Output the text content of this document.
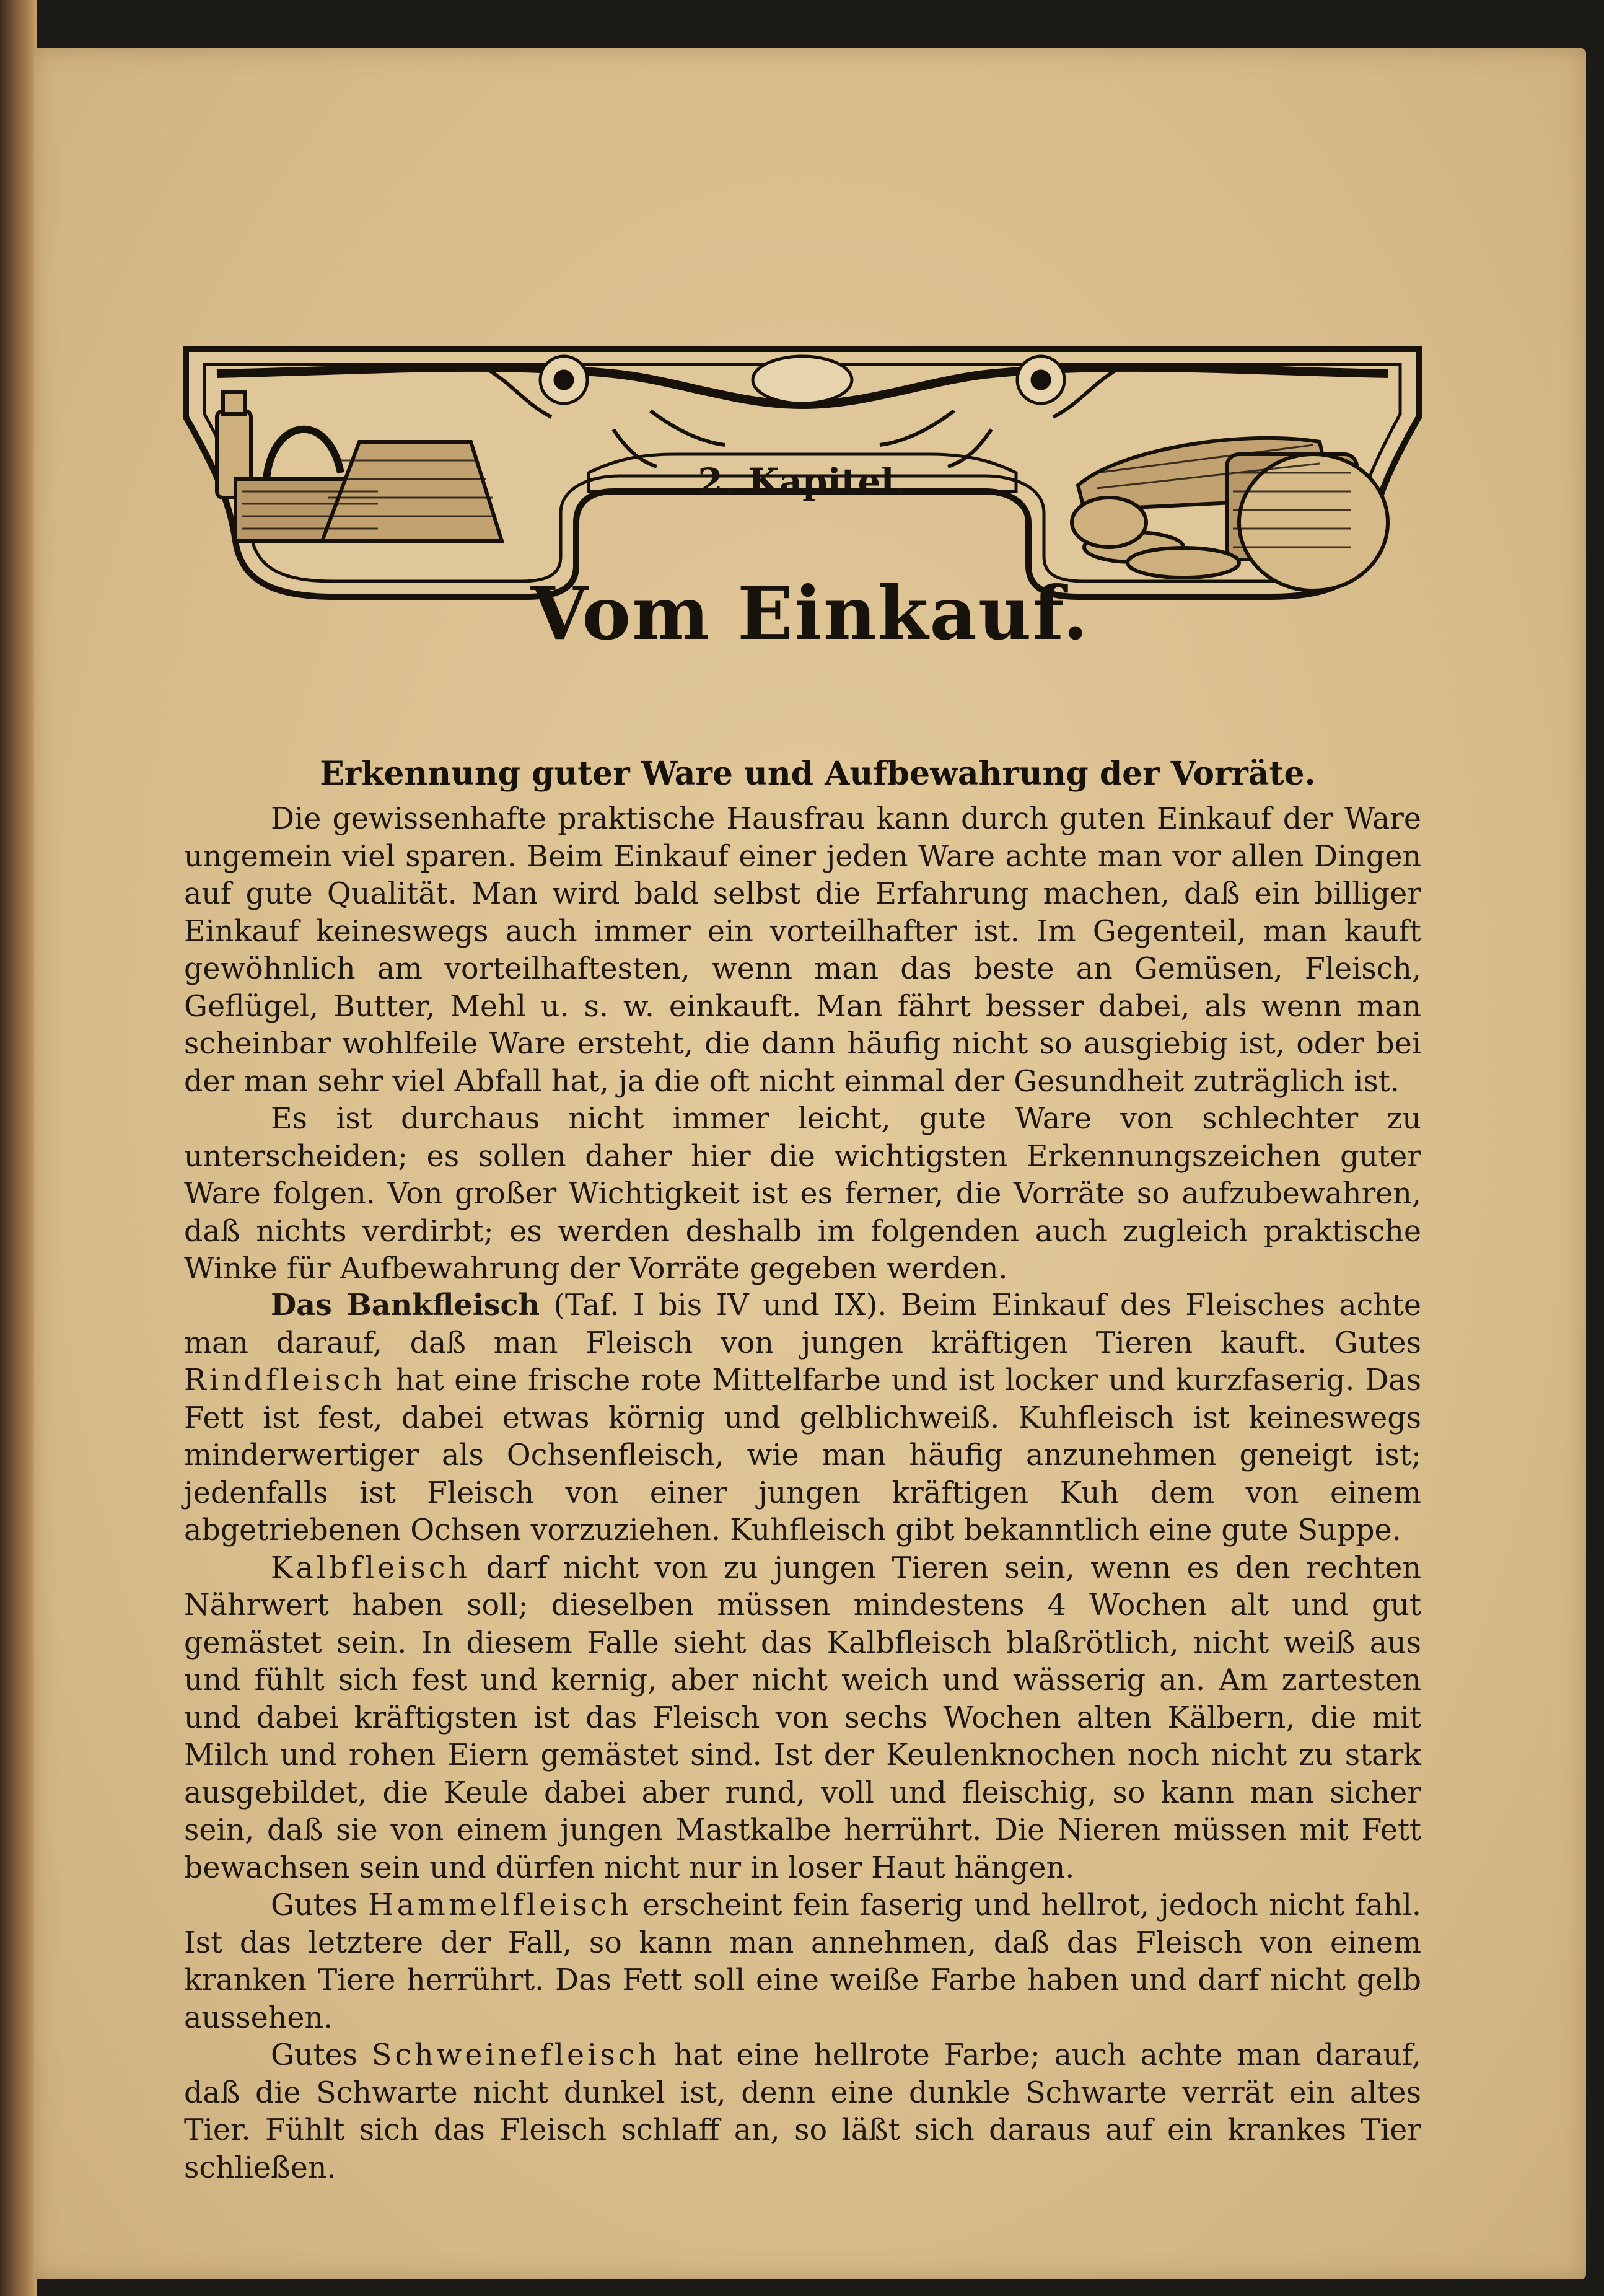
2. Kapitel.
Vom Einkauf.
Erkennung guter Ware und Aufbewahrung der Vorräte.

Die gewissenhafte praktische Hausfrau kann durch guten Einkauf der Ware ungemein viel sparen. Beim Einkauf einer jeden Ware achte man vor allen Dingen auf gute Qualität. Man wird bald selbst die Erfahrung machen, daß ein billiger Einkauf keineswegs auch immer ein vorteilhafter ist. Im Gegenteil, man kauft gewöhnlich am vorteilhaftesten, wenn man das beste an Gemüsen, Fleisch, Geflügel, Butter, Mehl u. s. w. einkauft. Man fährt besser dabei, als wenn man scheinbar wohlfeile Ware ersteht, die dann häufig nicht so ausgiebig ist, oder bei der man sehr viel Abfall hat, ja die oft nicht einmal der Gesundheit zuträglich ist.

Es ist durchaus nicht immer leicht, gute Ware von schlechter zu unterscheiden; es sollen daher hier die wichtigsten Erkennungszeichen guter Ware folgen. Von großer Wichtigkeit ist es ferner, die Vorräte so aufzubewahren, daß nichts verdirbt; es werden deshalb im folgenden auch zugleich praktische Winke für Aufbewahrung der Vorräte gegeben werden.

Das Bankfleisch (Taf. I bis IV und IX). Beim Einkauf des Fleisches achte man darauf, daß man Fleisch von jungen kräftigen Tieren kauft. Gutes Rindfleisch hat eine frische rote Mittelfarbe und ist locker und kurzfaserig. Das Fett ist fest, dabei etwas körnig und gelblichweiß. Kuhfleisch ist keineswegs minderwertiger als Ochsenfleisch, wie man häufig anzunehmen geneigt ist; jedenfalls ist Fleisch von einer jungen kräftigen Kuh dem von einem abgetriebenen Ochsen vorzuziehen. Kuhfleisch gibt bekanntlich eine gute Suppe.

Kalbfleisch darf nicht von zu jungen Tieren sein, wenn es den rechten Nährwert haben soll; dieselben müssen mindestens 4 Wochen alt und gut gemästet sein. In diesem Falle sieht das Kalbfleisch blaßrötlich, nicht weiß aus und fühlt sich fest und kernig, aber nicht weich und wässerig an. Am zartesten und dabei kräftigsten ist das Fleisch von sechs Wochen alten Kälbern, die mit Milch und rohen Eiern gemästet sind. Ist der Keulenknochen noch nicht zu stark ausgebildet, die Keule dabei aber rund, voll und fleischig, so kann man sicher sein, daß sie von einem jungen Mastkalbe herrührt. Die Nieren müssen mit Fett bewachsen sein und dürfen nicht nur in loser Haut hängen.

Gutes Hammelfleisch erscheint fein faserig und hellrot, jedoch nicht fahl. Ist das letztere der Fall, so kann man annehmen, daß das Fleisch von einem kranken Tiere herrührt. Das Fett soll eine weiße Farbe haben und darf nicht gelb aussehen.

Gutes Schweinefleisch hat eine hellrote Farbe; auch achte man darauf, daß die Schwarte nicht dunkel ist, denn eine dunkle Schwarte verrät ein altes Tier. Fühlt sich das Fleisch schlaff an, so läßt sich daraus auf ein krankes Tier schließen.
